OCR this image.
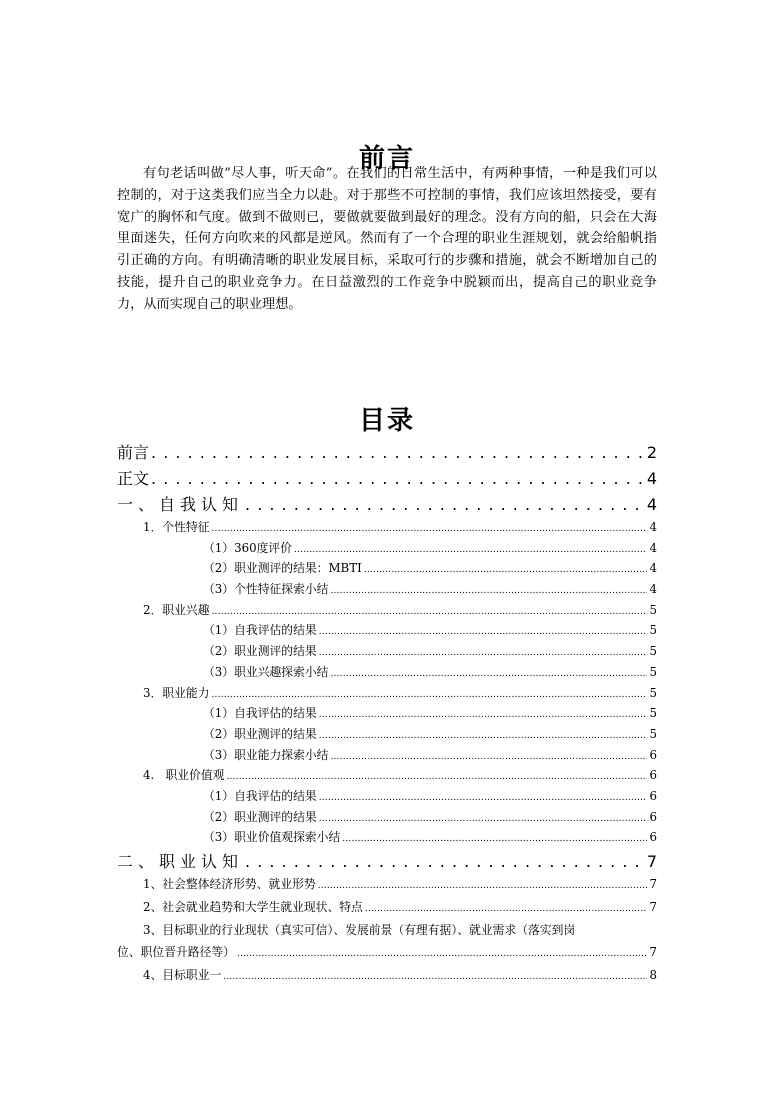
前言

有句老话叫做“尽人事，听天命”。在我们的日常生活中，有两种事情，一种是我们可以控制的，对于这类我们应当全力以赴。对于那些不可控制的事情，我们应该坦然接受，要有宽广的胸怀和气度。做到不做则已，要做就要做到最好的理念。没有方向的船，只会在大海里面迷失，任何方向吹来的风都是逆风。然而有了一个合理的职业生涯规划，就会给船帆指引正确的方向。有明确清晰的职业发展目标，采取可行的步骤和措施，就会不断增加自己的技能，提升自己的职业竞争力。在日益激烈的工作竞争中脱颖而出，提高自己的职业竞争力，从而实现自己的职业理想。

目录
前言 . . .	2
正文 . . .	4
一、自我认知 . . .	4
1．个性特征 .....	4
（1）360度评价 .....	4
（2）职业测评的结果：MBTI .....	4
（3）个性特征探索小结 .....	4
2．职业兴趣 .....	5
（1）自我评估的结果 .....	5
（2）职业测评的结果 .....	5
（3）职业兴趣探索小结 .....	5
3．职业能力 .....	5
（1）自我评估的结果 .....	5
（2）职业测评的结果 .....	5
（3）职业能力探索小结 .....	6
4.   职业价值观 .....	6
（1）自我评估的结果 .....	6
（2）职业测评的结果 .....	6
（3）职业价值观探索小结 .....	6
二、职业认知 . . .	7
1、社会整体经济形势、就业形势 .....	7
2、社会就业趋势和大学生就业现状、特点 .....	7
3、目标职业的行业现状（真实可信）、发展前景（有理有据）、就业需求（落实到岗
位、职位晋升路径等） .....	7
4、目标职业一 .....	8
